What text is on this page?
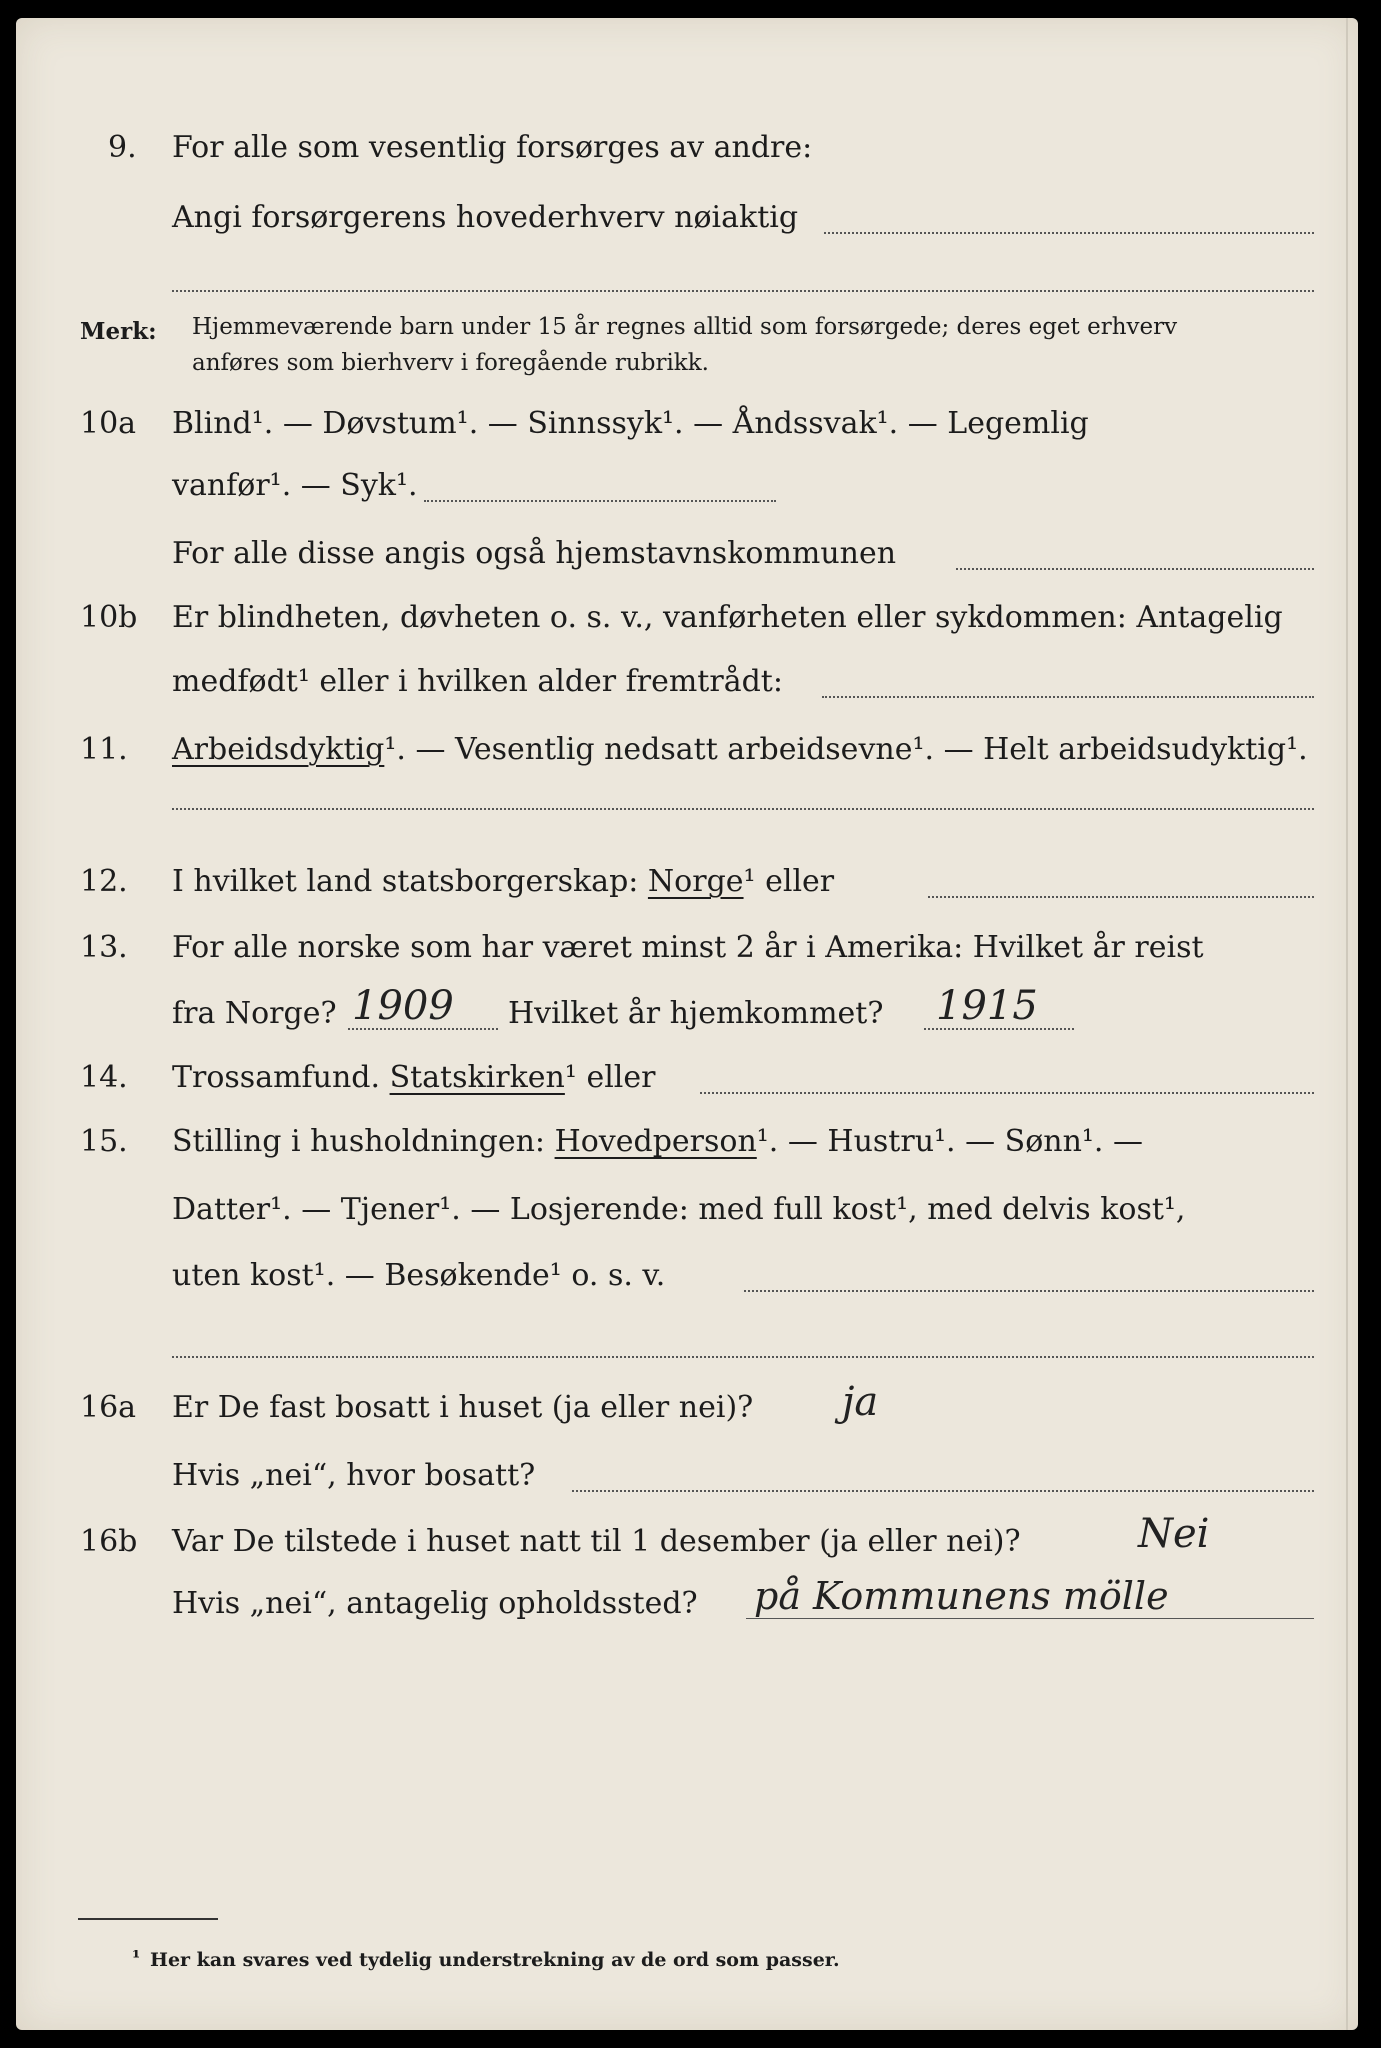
9. For alle som vesentlig forsørges av andre:
Angi forsørgerens hovederhverv nøiaktig
Merk: Hjemmeværende barn under 15 år regnes alltid som forsørgede; deres eget erhverv
anføres som bierhverv i foregående rubrikk.
10a Blind¹. — Døvstum¹. — Sinnssyk¹. — Åndssvak¹. — Legemlig
vanfør¹. — Syk¹.
For alle disse angis også hjemstavnskommunen
10b Er blindheten, døvheten o. s. v., vanførheten eller sykdommen: Antagelig
medfødt¹ eller i hvilken alder fremtrådt:
11. Arbeidsdyktig¹. — Vesentlig nedsatt arbeidsevne¹. — Helt arbeidsudyktig¹.
12. I hvilket land statsborgerskap: Norge¹ eller
13. For alle norske som har været minst 2 år i Amerika: Hvilket år reist
fra Norge? 1909 Hvilket år hjemkommet? 1915
14. Trossamfund. Statskirken¹ eller
15. Stilling i husholdningen: Hovedperson¹. — Hustru¹. — Sønn¹. —
Datter¹. — Tjener¹. — Losjerende: med full kost¹, med delvis kost¹,
uten kost¹. — Besøkende¹ o. s. v.
16a Er De fast bosatt i huset (ja eller nei)? ja
Hvis „nei“, hvor bosatt?
16b Var De tilstede i huset natt til 1 desember (ja eller nei)?	Nei
Hvis „nei“, antagelig opholdssted? på Kommunens mölle
¹ Her kan svares ved tydelig understrekning av de ord som passer.
